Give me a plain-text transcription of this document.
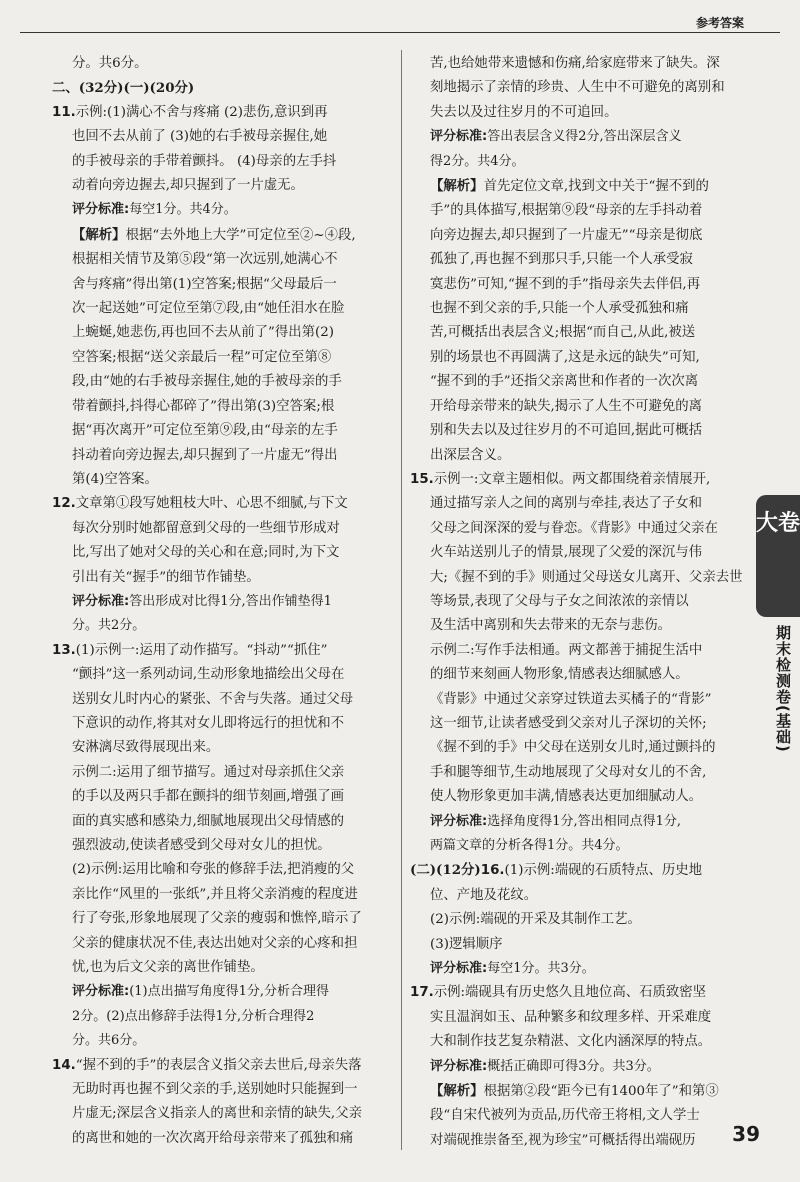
参考答案

分。共6分。

二、(32分)(一)(20分)

11.示例:(1)满心不舍与疼痛 (2)悲伤,意识到再

也回不去从前了 (3)她的右手被母亲握住,她

的手被母亲的手带着颤抖。 (4)母亲的左手抖

动着向旁边握去,却只握到了一片虚无。

评分标准:每空1分。共4分。

【解析】根据“去外地上大学”可定位至②~④段,

根据相关情节及第⑤段“第一次远别,她满心不

舍与疼痛”得出第(1)空答案;根据“父母最后一

次一起送她”可定位至第⑦段,由“她任泪水在脸

上蜿蜒,她悲伤,再也回不去从前了”得出第(2)

空答案;根据“送父亲最后一程”可定位至第⑧

段,由“她的右手被母亲握住,她的手被母亲的手

带着颤抖,抖得心都碎了”得出第(3)空答案;根

据“再次离开”可定位至第⑨段,由“母亲的左手

抖动着向旁边握去,却只握到了一片虚无”得出

第(4)空答案。

12.文章第①段写她粗枝大叶、心思不细腻,与下文

每次分别时她都留意到父母的一些细节形成对

比,写出了她对父母的关心和在意;同时,为下文

引出有关“握手”的细节作铺垫。

评分标准:答出形成对比得1分,答出作铺垫得1

分。共2分。

13.(1)示例一:运用了动作描写。“抖动”“抓住”

“颤抖”这一系列动词,生动形象地描绘出父母在

送别女儿时内心的紧张、不舍与失落。通过父母

下意识的动作,将其对女儿即将远行的担忧和不

安淋漓尽致得展现出来。

示例二:运用了细节描写。通过对母亲抓住父亲

的手以及两只手都在颤抖的细节刻画,增强了画

面的真实感和感染力,细腻地展现出父母情感的

强烈波动,使读者感受到父母对女儿的担忧。

(2)示例:运用比喻和夸张的修辞手法,把消瘦的父

亲比作“风里的一张纸”,并且将父亲消瘦的程度进

行了夸张,形象地展现了父亲的瘦弱和憔悴,暗示了

父亲的健康状况不佳,表达出她对父亲的心疼和担

忧,也为后文父亲的离世作铺垫。

评分标准:(1)点出描写角度得1分,分析合理得

2分。(2)点出修辞手法得1分,分析合理得2

分。共6分。

14.“握不到的手”的表层含义指父亲去世后,母亲失落

无助时再也握不到父亲的手,送别她时只能握到一

片虚无;深层含义指亲人的离世和亲情的缺失,父亲

的离世和她的一次次离开给母亲带来了孤独和痛

苦,也给她带来遗憾和伤痛,给家庭带来了缺失。深

刻地揭示了亲情的珍贵、人生中不可避免的离别和

失去以及过往岁月的不可追回。

评分标准:答出表层含义得2分,答出深层含义

得2分。共4分。

【解析】首先定位文章,找到文中关于“握不到的

手”的具体描写,根据第⑨段“母亲的左手抖动着

向旁边握去,却只握到了一片虚无”“母亲是彻底

孤独了,再也握不到那只手,只能一个人承受寂

寞悲伤”可知,“握不到的手”指母亲失去伴侣,再

也握不到父亲的手,只能一个人承受孤独和痛

苦,可概括出表层含义;根据“而自己,从此,被送

别的场景也不再圆满了,这是永远的缺失”可知,

“握不到的手”还指父亲离世和作者的一次次离

开给母亲带来的缺失,揭示了人生不可避免的离

别和失去以及过往岁月的不可追回,据此可概括

出深层含义。

15.示例一:文章主题相似。两文都围绕着亲情展开,

通过描写亲人之间的离别与牵挂,表达了子女和

父母之间深深的爱与眷恋。《背影》中通过父亲在

火车站送别儿子的情景,展现了父爱的深沉与伟

大;《握不到的手》则通过父母送女儿离开、父亲去世

等场景,表现了父母与子女之间浓浓的亲情以

及生活中离别和失去带来的无奈与悲伤。

示例二:写作手法相通。两文都善于捕捉生活中

的细节来刻画人物形象,情感表达细腻感人。

《背影》中通过父亲穿过铁道去买橘子的“背影”

这一细节,让读者感受到父亲对儿子深切的关怀;

《握不到的手》中父母在送别女儿时,通过颤抖的

手和腿等细节,生动地展现了父母对女儿的不舍,

使人物形象更加丰满,情感表达更加细腻动人。

评分标准:选择角度得1分,答出相同点得1分,

两篇文章的分析各得1分。共4分。

(二)(12分)16.(1)示例:端砚的石质特点、历史地

位、产地及花纹。

(2)示例:端砚的开采及其制作工艺。

(3)逻辑顺序

评分标准:每空1分。共3分。

17.示例:端砚具有历史悠久且地位高、石质致密坚

实且温润如玉、品种繁多和纹理多样、开采难度

大和制作技艺复杂精湛、文化内涵深厚的特点。

评分标准:概括正确即可得3分。共3分。

【解析】根据第②段“距今已有1400年了”和第③

段“自宋代被列为贡品,历代帝王将相,文人学士

对端砚推崇备至,视为珍宝”可概括得出端砚历

大卷
期末检测卷(基础)
39
